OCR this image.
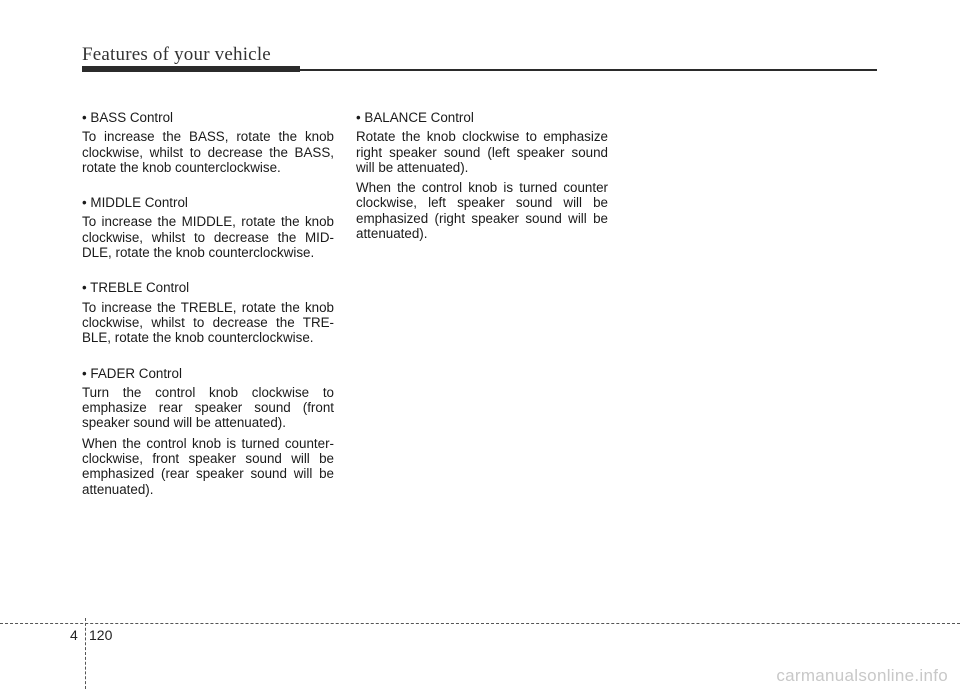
Features of your vehicle
• BASS Control

To increase the BASS, rotate the knob clockwise, whilst to decrease the BASS, rotate the knob counterclockwise.

• MIDDLE Control

To increase the MIDDLE, rotate the knob clockwise, whilst to decrease the MID-DLE, rotate the knob counterclockwise.

• TREBLE Control

To increase the TREBLE, rotate the knob clockwise, whilst to decrease the TRE-BLE, rotate the knob counterclockwise.

• FADER Control

Turn the control knob clockwise to emphasize rear speaker sound (front speaker sound will be attenuated).

When the control knob is turned counter-clockwise, front speaker sound will be emphasized (rear speaker sound will be attenuated).

• BALANCE Control

Rotate the knob clockwise to emphasize right speaker sound (left speaker sound will be attenuated).

When the control knob is turned counter clockwise, left speaker sound will be emphasized (right speaker sound will be attenuated).

4 120
carmanualsonline.info
